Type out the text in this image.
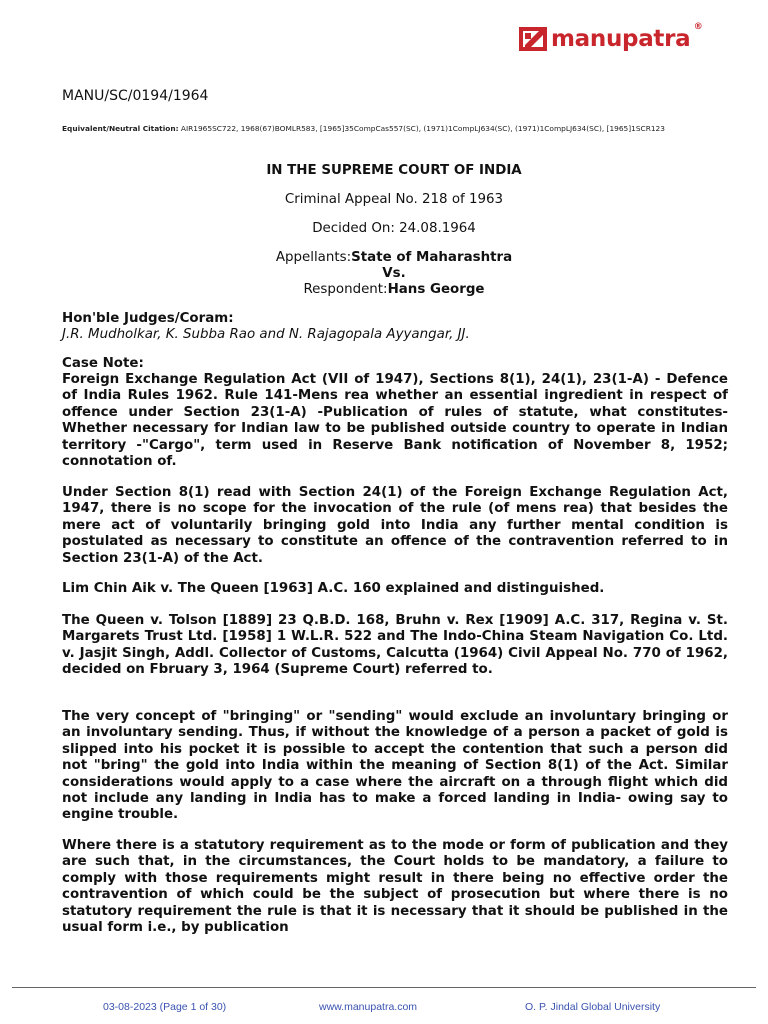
manupatra ®
MANU/SC/0194/1964
Equivalent/Neutral Citation: AIR1965SC722, 1968(67)BOMLR583, [1965]35CompCas557(SC), (1971)1CompLJ634(SC), (1971)1CompLJ634(SC), [1965]1SCR123
IN THE SUPREME COURT OF INDIA
Criminal Appeal No. 218 of 1963
Decided On: 24.08.1964
Appellants:State of Maharashtra
Vs.
Respondent:Hans George
Hon'ble Judges/Coram:
J.R. Mudholkar, K. Subba Rao and N. Rajagopala Ayyangar, JJ.
Case Note:
Foreign Exchange Regulation Act (VII of 1947), Sections 8(1), 24(1), 23(1-A) - Defence of India Rules 1962. Rule 141-Mens rea whether an essential ingredient in respect of offence under Section 23(1-A) -Publication of rules of statute, what constitutes-Whether necessary for Indian law to be published outside country to operate in Indian territory -"Cargo", term used in Reserve Bank notification of November 8, 1952; connotation of.
Under Section 8(1) read with Section 24(1) of the Foreign Exchange Regulation Act, 1947, there is no scope for the invocation of the rule (of mens rea) that besides the mere act of voluntarily bringing gold into India any further mental condition is postulated as necessary to constitute an offence of the contravention referred to in Section 23(1-A) of the Act.
Lim Chin Aik v. The Queen [1963] A.C. 160 explained and distinguished.
The Queen v. Tolson [1889] 23 Q.B.D. 168, Bruhn v. Rex [1909] A.C. 317, Regina v. St. Margarets Trust Ltd. [1958] 1 W.L.R. 522 and The Indo-China Steam Navigation Co. Ltd. v. Jasjit Singh, Addl. Collector of Customs, Calcutta (1964) Civil Appeal No. 770 of 1962, decided on Fbruary 3, 1964 (Supreme Court) referred to.
The very concept of "bringing" or "sending" would exclude an involuntary bringing or an involuntary sending. Thus, if without the knowledge of a person a packet of gold is slipped into his pocket it is possible to accept the contention that such a person did not "bring" the gold into India within the meaning of Section 8(1) of the Act. Similar considerations would apply to a case where the aircraft on a through flight which did not include any landing in India has to make a forced landing in India- owing say to engine trouble.
Where there is a statutory requirement as to the mode or form of publication and they are such that, in the circumstances, the Court holds to be mandatory, a failure to comply with those requirements might result in there being no effective order the contravention of which could be the subject of prosecution but where there is no statutory requirement the rule is that it is necessary that it should be published in the usual form i.e., by publication
03-08-2023 (Page 1 of 30)	www.manupatra.com	O. P. Jindal Global University
